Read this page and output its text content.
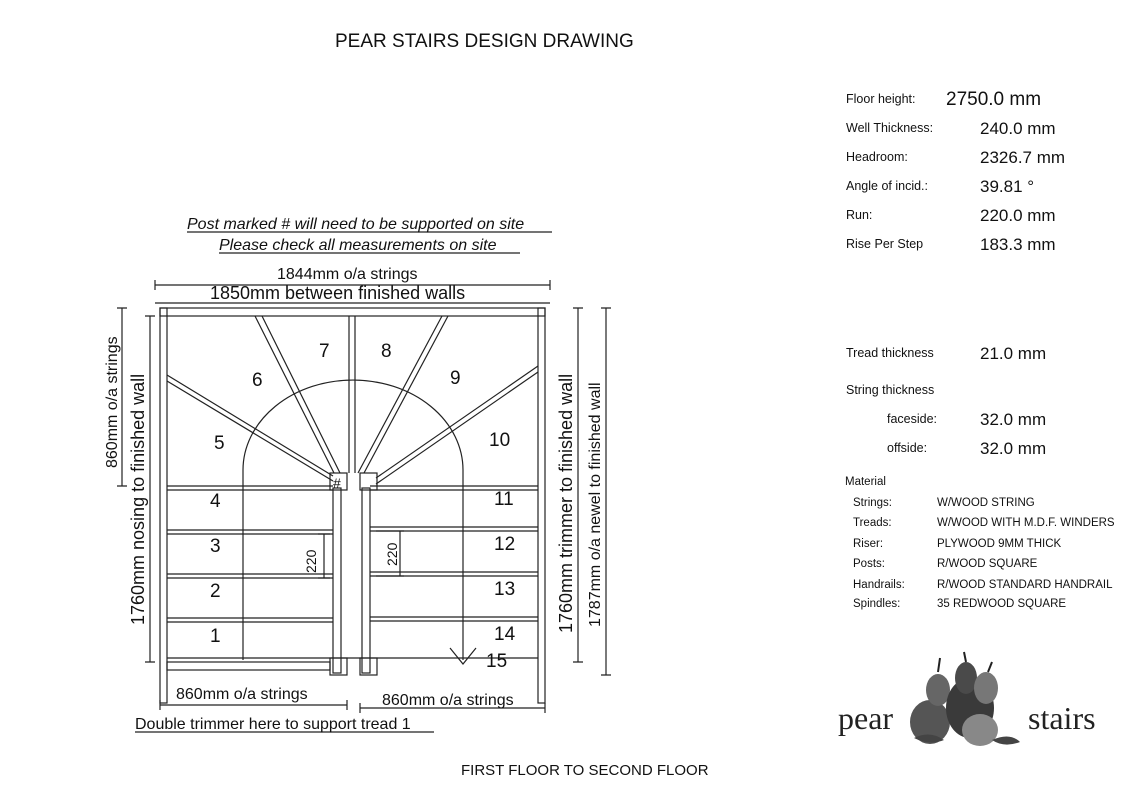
PEAR STAIRS DESIGN DRAWING
Floor height: 2750.0 mm
Well Thickness:	240.0 mm
Headroom:	2326.7 mm
Angle of incid.:	39.81 °
Run:	220.0 mm
Rise Per Step	183.3 mm
Tread thickness	21.0 mm
String thickness
faceside:	32.0 mm
offside:	32.0 mm
Material
Strings:	W/WOOD STRING
Treads:	W/WOOD WITH M.D.F. WINDERS
Riser:	PLYWOOD 9MM THICK
Posts:	R/WOOD SQUARE
Handrails:	R/WOOD STANDARD HANDRAIL
Spindles:	35 REDWOOD SQUARE
pear	stairs
Post marked # will need to be supported on site
Please check all measurements on site
1844mm o/a strings
1850mm between finished walls
860mm o/a strings 1760mm nosing to finished wall	1760mm trimmer to finished wall 1787mm o/a newel to finished wall
860mm o/a strings	860mm o/a strings
Double trimmer here to support tread 1
220	220
#
1
2
3
4
5
6
7	8
9
10
11
12
13
14
15
FIRST FLOOR TO SECOND FLOOR
